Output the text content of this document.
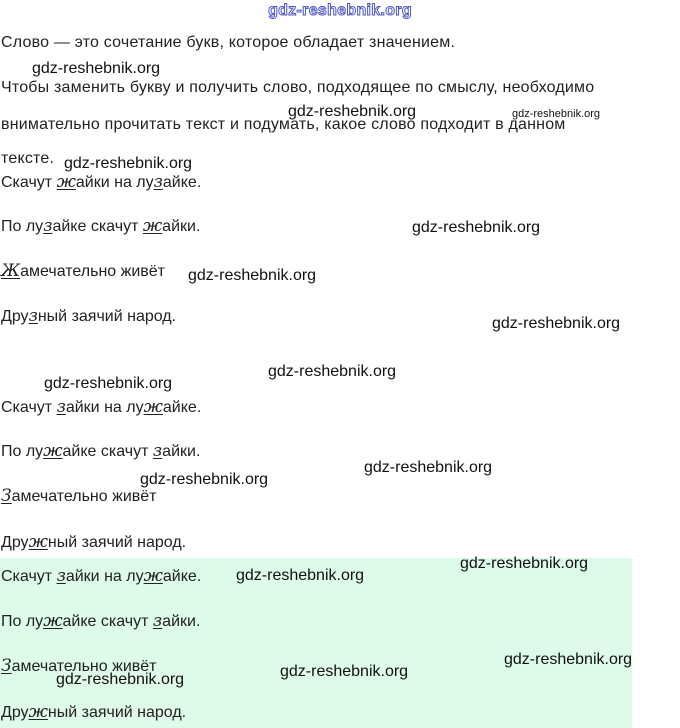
gdz-reshebnik.org
Слово — это сочетание букв, которое обладает значением.
Чтобы заменить букву и получить слово, подходящее по смыслу, необходимо
внимательно прочитать текст и подумать, какое слово подходит в данном
тексте.
Скачут жайки на лузайке.
По лузайке скачут жайки.
Жамечательно живёт
Друзный заячий народ.
Скачут зайки на лужайке.
По лужайке скачут зайки.
Замечательно живёт
Дружный заячий народ.
Скачут зайки на лужайке.
По лужайке скачут зайки.
Замечательно живёт
Дружный заячий народ.
gdz-reshebnik.org
gdz-reshebnik.org	gdz-reshebnik.org
gdz-reshebnik.org
gdz-reshebnik.org
gdz-reshebnik.org
gdz-reshebnik.org
gdz-reshebnik.org
gdz-reshebnik.org
gdz-reshebnik.org
gdz-reshebnik.org
gdz-reshebnik.org
gdz-reshebnik.org
gdz-reshebnik.org
gdz-reshebnik.org
gdz-reshebnik.org
